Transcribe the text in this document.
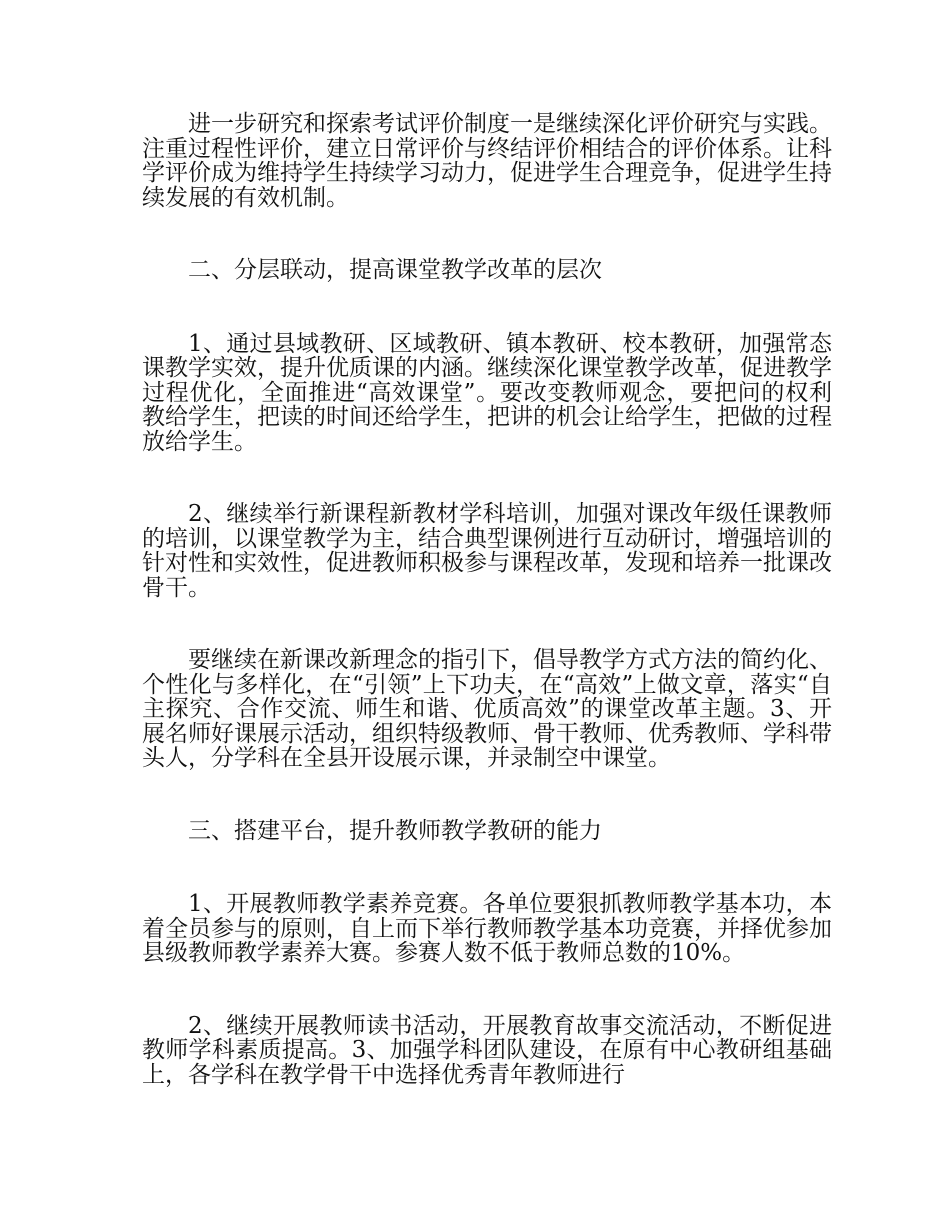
进一步研究和探索考试评价制度一是继续深化评价研究与实践。注重过程性评价，建立日常评价与终结评价相结合的评价体系。让科学评价成为维持学生持续学习动力，促进学生合理竞争，促进学生持续发展的有效机制。

二、分层联动，提高课堂教学改革的层次

1、通过县域教研、区域教研、镇本教研、校本教研，加强常态课教学实效，提升优质课的内涵。继续深化课堂教学改革，促进教学过程优化，全面推进“高效课堂”。要改变教师观念，要把问的权利教给学生，把读的时间还给学生，把讲的机会让给学生，把做的过程放给学生。

2、继续举行新课程新教材学科培训，加强对课改年级任课教师的培训，以课堂教学为主，结合典型课例进行互动研讨，增强培训的针对性和实效性，促进教师积极参与课程改革，发现和培养一批课改骨干。

要继续在新课改新理念的指引下，倡导教学方式方法的简约化、个性化与多样化，在“引领”上下功夫，在“高效”上做文章，落实“自主探究、合作交流、师生和谐、优质高效”的课堂改革主题。3、开展名师好课展示活动，组织特级教师、骨干教师、优秀教师、学科带头人，分学科在全县开设展示课，并录制空中课堂。

三、搭建平台，提升教师教学教研的能力

1、开展教师教学素养竞赛。各单位要狠抓教师教学基本功，本着全员参与的原则，自上而下举行教师教学基本功竞赛，并择优参加县级教师教学素养大赛。参赛人数不低于教师总数的10%。

2、继续开展教师读书活动，开展教育故事交流活动，不断促进教师学科素质提高。3、加强学科团队建设，在原有中心教研组基础上，各学科在教学骨干中选择优秀青年教师进行
